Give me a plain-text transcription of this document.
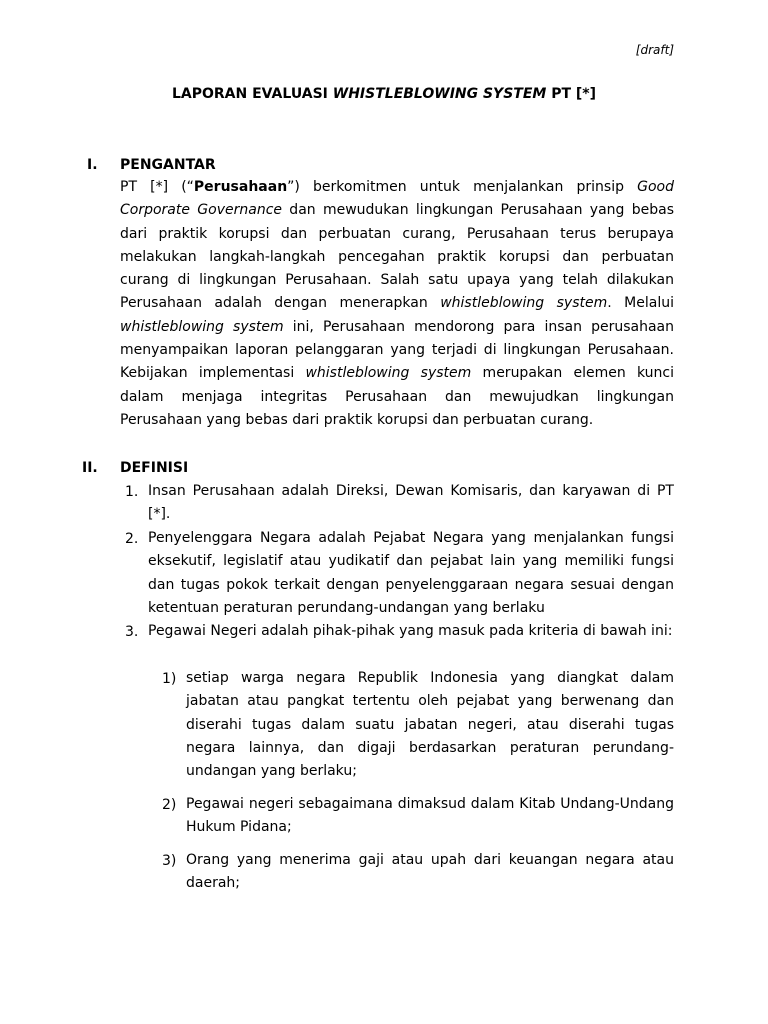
[draft]
LAPORAN EVALUASI WHISTLEBLOWING SYSTEM PT [*]
I. PENGANTAR
PT [*] (“Perusahaan”) berkomitmen untuk menjalankan prinsip Good Corporate Governance dan mewudukan lingkungan Perusahaan yang bebas dari praktik korupsi dan perbuatan curang, Perusahaan terus berupaya melakukan langkah-langkah pencegahan praktik korupsi dan perbuatan curang di lingkungan Perusahaan. Salah satu upaya yang telah dilakukan Perusahaan adalah dengan menerapkan whistleblowing system. Melalui whistleblowing system ini, Perusahaan mendorong para insan perusahaan menyampaikan laporan pelanggaran yang terjadi di lingkungan Perusahaan. Kebijakan implementasi whistleblowing system merupakan elemen kunci dalam menjaga integritas Perusahaan dan mewujudkan lingkungan Perusahaan yang bebas dari praktik korupsi dan perbuatan curang.
II. DEFINISI
1. Insan Perusahaan adalah Direksi, Dewan Komisaris, dan karyawan di PT [*].
2. Penyelenggara Negara adalah Pejabat Negara yang menjalankan fungsi eksekutif, legislatif atau yudikatif dan pejabat lain yang memiliki fungsi dan tugas pokok terkait dengan penyelenggaraan negara sesuai dengan ketentuan peraturan perundang-undangan yang berlaku
3. Pegawai Negeri adalah pihak-pihak yang masuk pada kriteria di bawah ini:
1) setiap warga negara Republik Indonesia yang diangkat dalam jabatan atau pangkat tertentu oleh pejabat yang berwenang dan diserahi tugas dalam suatu jabatan negeri, atau diserahi tugas negara lainnya, dan digaji berdasarkan peraturan perundang-undangan yang berlaku;
2) Pegawai negeri sebagaimana dimaksud dalam Kitab Undang-Undang Hukum Pidana;
3) Orang yang menerima gaji atau upah dari keuangan negara atau daerah;
